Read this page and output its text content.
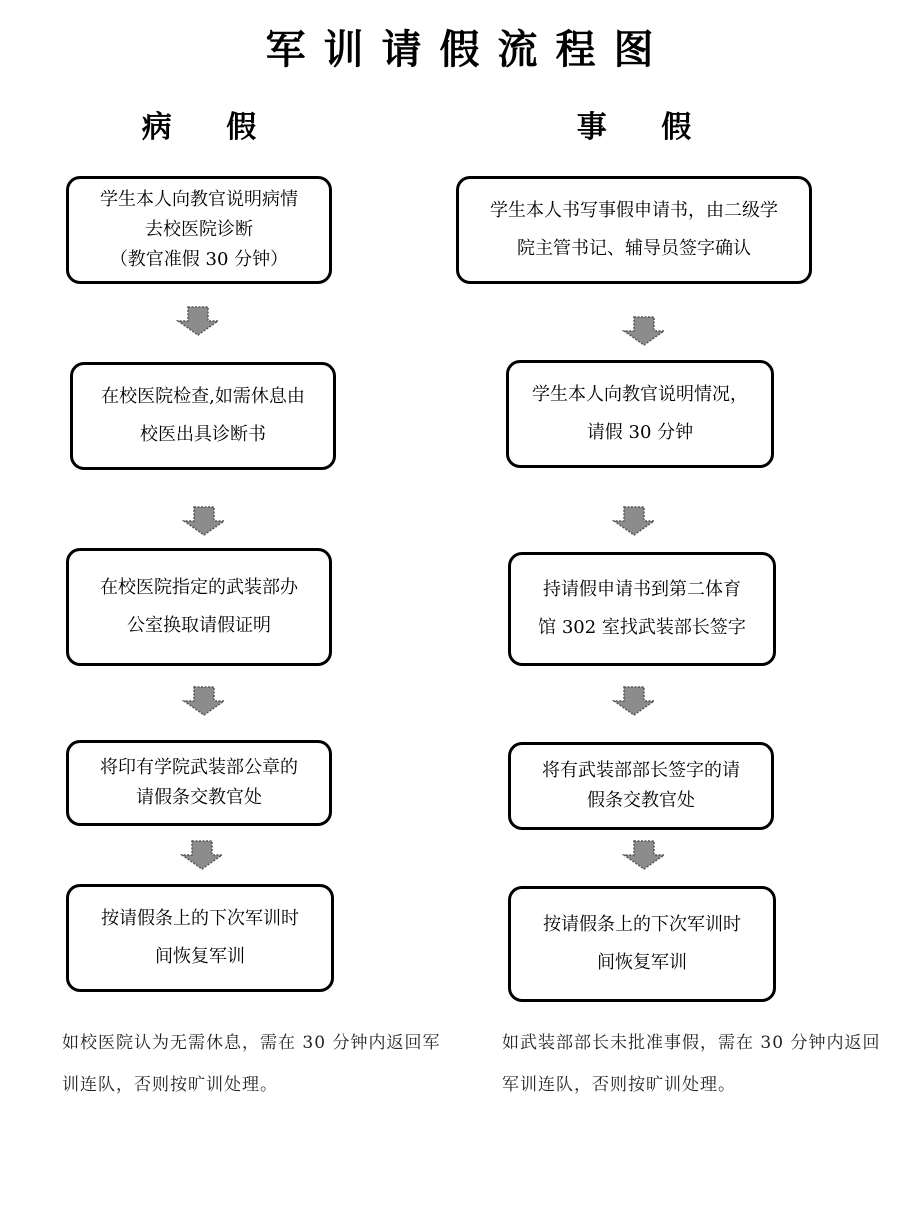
军训请假流程图
病 假
学生本人向教官说明病情
去校医院诊断
（教官准假 30 分钟）
在校医院检查,如需休息由
校医出具诊断书
在校医院指定的武装部办
公室换取请假证明
将印有学院武装部公章的
请假条交教官处
按请假条上的下次军训时
间恢复军训
事 假
学生本人书写事假申请书，由二级学
院主管书记、辅导员签字确认
学生本人向教官说明情况，
请假 30 分钟
持请假申请书到第二体育
馆 302 室找武装部长签字
将有武装部部长签字的请
假条交教官处
按请假条上的下次军训时
间恢复军训
如校医院认为无需休息，需在 30 分钟内返回军训连队，否则按旷训处理。
如武装部部长未批准事假，需在 30 分钟内返回军训连队，否则按旷训处理。
